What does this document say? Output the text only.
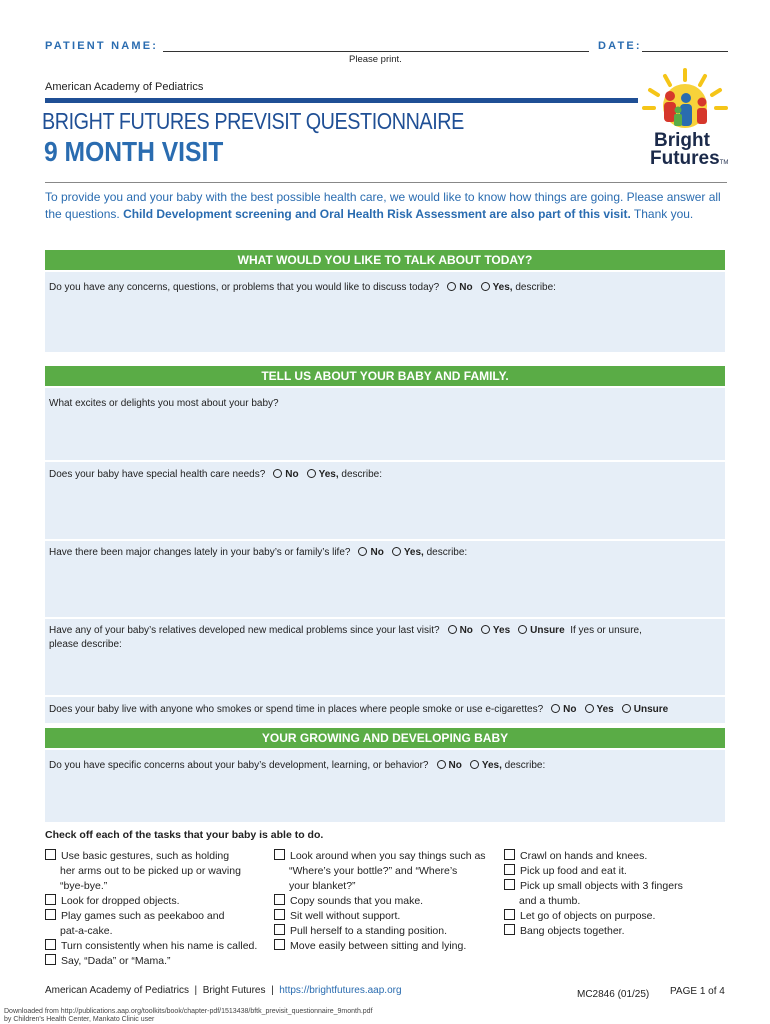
PATIENT NAME:	DATE:
Please print.
American Academy of Pediatrics
BRIGHT FUTURES PREVISIT QUESTIONNAIRE
9 MONTH VISIT	Bright
FuturesTM
To provide you and your baby with the best possible health care, we would like to know how things are going. Please answer all the questions. Child Development screening and Oral Health Risk Assessment are also part of this visit. Thank you.
WHAT WOULD YOU LIKE TO TALK ABOUT TODAY?
Do you have any concerns, questions, or problems that you would like to discuss today? No Yes, describe:
TELL US ABOUT YOUR BABY AND FAMILY.
What excites or delights you most about your baby?
Does your baby have special health care needs? No Yes, describe:
Have there been major changes lately in your baby’s or family’s life? No Yes, describe:
Have any of your baby’s relatives developed new medical problems since your last visit? No Yes Unsure If yes or unsure,
please describe:
Does your baby live with anyone who smokes or spend time in places where people smoke or use e-cigarettes? No Yes Unsure
YOUR GROWING AND DEVELOPING BABY
Do you have specific concerns about your baby’s development, learning, or behavior? No Yes, describe:
Check off each of the tasks that your baby is able to do.
Use basic gestures, such as holding
her arms out to be picked up or waving
“bye-bye.”
Look for dropped objects.
Play games such as peekaboo and
pat-a-cake.
Turn consistently when his name is called.
Say, “Dada” or “Mama.”
Look around when you say things such as
“Where’s your bottle?” and “Where’s
your blanket?”
Copy sounds that you make.
Sit well without support.
Pull herself to a standing position.
Move easily between sitting and lying.
Crawl on hands and knees.
Pick up food and eat it.
Pick up small objects with 3 fingers
and a thumb.
Let go of objects on purpose.
Bang objects together.
American Academy of Pediatrics | Bright Futures | https://brightfutures.aap.org	MC2846 (01/25) PAGE 1 of 4
Downloaded from http://publications.aap.org/toolkits/book/chapter-pdf/1513438/bftk_previsit_questionnaire_9month.pdf
by Children's Health Center, Mankato Clinic user
